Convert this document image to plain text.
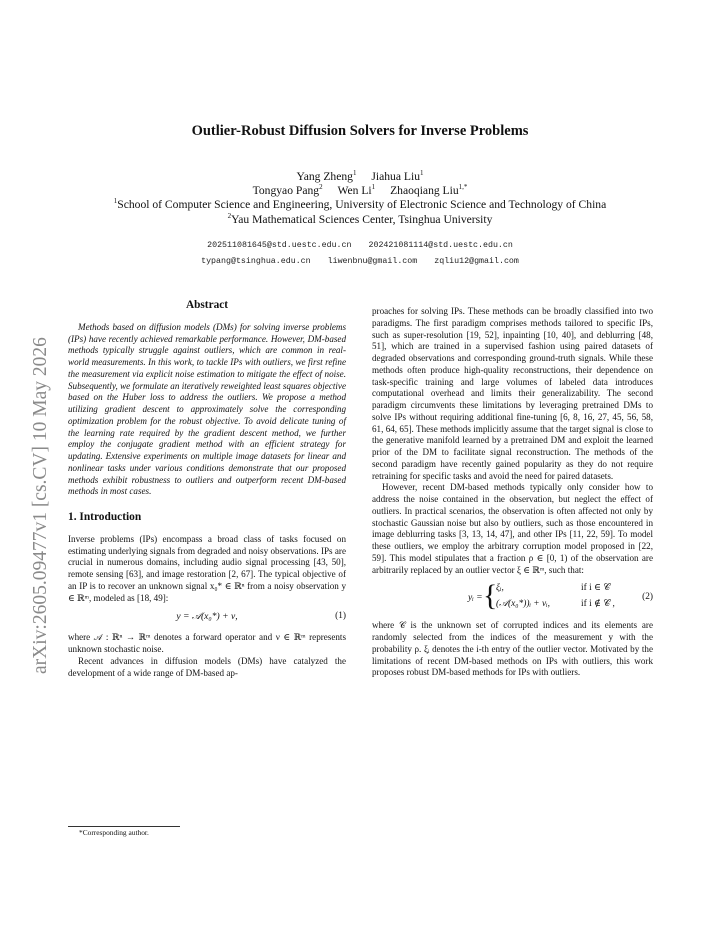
arXiv:2605.09477v1 [cs.CV] 10 May 2026
Outlier-Robust Diffusion Solvers for Inverse Problems
Yang Zheng$^1$ Jiahua Liu$^1$
Tongyao Pang$^2$ Wen Li$^1$ Zhaoqiang Liu$^{1,*}$
$^1$School of Computer Science and Engineering, University of Electronic Science and Technology of China
$^2$Yau Mathematical Sciences Center, Tsinghua University
202511081645@std.uestc.edu.cn 202421081114@std.uestc.edu.cn
typang@tsinghua.edu.cn liwenbnu@gmail.com zqliu12@gmail.com
Abstract

Methods based on diffusion models (DMs) for solving inverse problems (IPs) have recently achieved remarkable performance. However, DM-based methods typically struggle against outliers, which are common in real-world measurements. In this work, to tackle IPs with outliers, we first refine the measurement via explicit noise estimation to mitigate the effect of noise. Subsequently, we formulate an iteratively reweighted least squares objective based on the Huber loss to address the outliers. We propose a method utilizing gradient descent to approximately solve the corresponding optimization problem for the robust objective. To avoid delicate tuning of the learning rate required by the gradient descent method, we further employ the conjugate gradient method with an efficient strategy for updating. Extensive experiments on multiple image datasets for linear and nonlinear tasks under various conditions demonstrate that our proposed methods exhibit robustness to outliers and outperform recent DM-based methods in most cases.

1. Introduction

Inverse problems (IPs) encompass a broad class of tasks focused on estimating underlying signals from degraded and noisy observations. IPs are crucial in numerous domains, including audio signal processing [43, 50], remote sensing [63], and image restoration [2, 67]. The typical objective of an IP is to recover an unknown signal x₀* ∈ ℝⁿ from a noisy observation y ∈ ℝᵐ, modeled as [18, 49]:

y = 𝒜(x₀*) + ν,	(1)

where 𝒜 : ℝⁿ → ℝᵐ denotes a forward operator and ν ∈ ℝᵐ represents unknown stochastic noise.

Recent advances in diffusion models (DMs) have catalyzed the development of a wide range of DM-based ap-

proaches for solving IPs. These methods can be broadly classified into two paradigms. The first paradigm comprises methods tailored to specific IPs, such as super-resolution [19, 52], inpainting [10, 40], and deblurring [48, 51], which are trained in a supervised fashion using paired datasets of degraded observations and corresponding ground-truth signals. While these methods often produce high-quality reconstructions, their dependence on task-specific training and large volumes of labeled data introduces computational overhead and limits their generalizability. The second paradigm circumvents these limitations by leveraging pretrained DMs to solve IPs without requiring additional fine-tuning [6, 8, 16, 27, 45, 56, 58, 61, 64, 65]. These methods implicitly assume that the target signal is close to the generative manifold learned by a pretrained DM and exploit the learned prior of the DM to facilitate signal reconstruction. The methods of the second paradigm have recently gained popularity as they do not require retraining for specific tasks and avoid the need for paired datasets.

However, recent DM-based methods typically only consider how to address the noise contained in the observation, but neglect the effect of outliers. In practical scenarios, the observation is often affected not only by stochastic Gaussian noise but also by outliers, such as those encountered in image deblurring tasks [3, 13, 14, 47], and other IPs [11, 22, 59]. To model these outliers, we employ the arbitrary corruption model proposed in [22, 59]. This model stipulates that a fraction ρ ∈ [0, 1) of the observation are arbitrarily replaced by an outlier vector ξ ∈ ℝᵐ, such that:

yᵢ = {
ξᵢ,	if i ∈ 𝒞
(𝒜(x₀*))ᵢ + νᵢ,	if i ∉ 𝒞 ,
(2)

where 𝒞 is the unknown set of corrupted indices and its elements are randomly selected from the indices of the measurement y with the probability ρ. ξᵢ denotes the i-th entry of the outlier vector. Motivated by the limitations of recent DM-based methods on IPs with outliers, this work proposes robust DM-based methods for IPs with outliers.

*Corresponding author.
